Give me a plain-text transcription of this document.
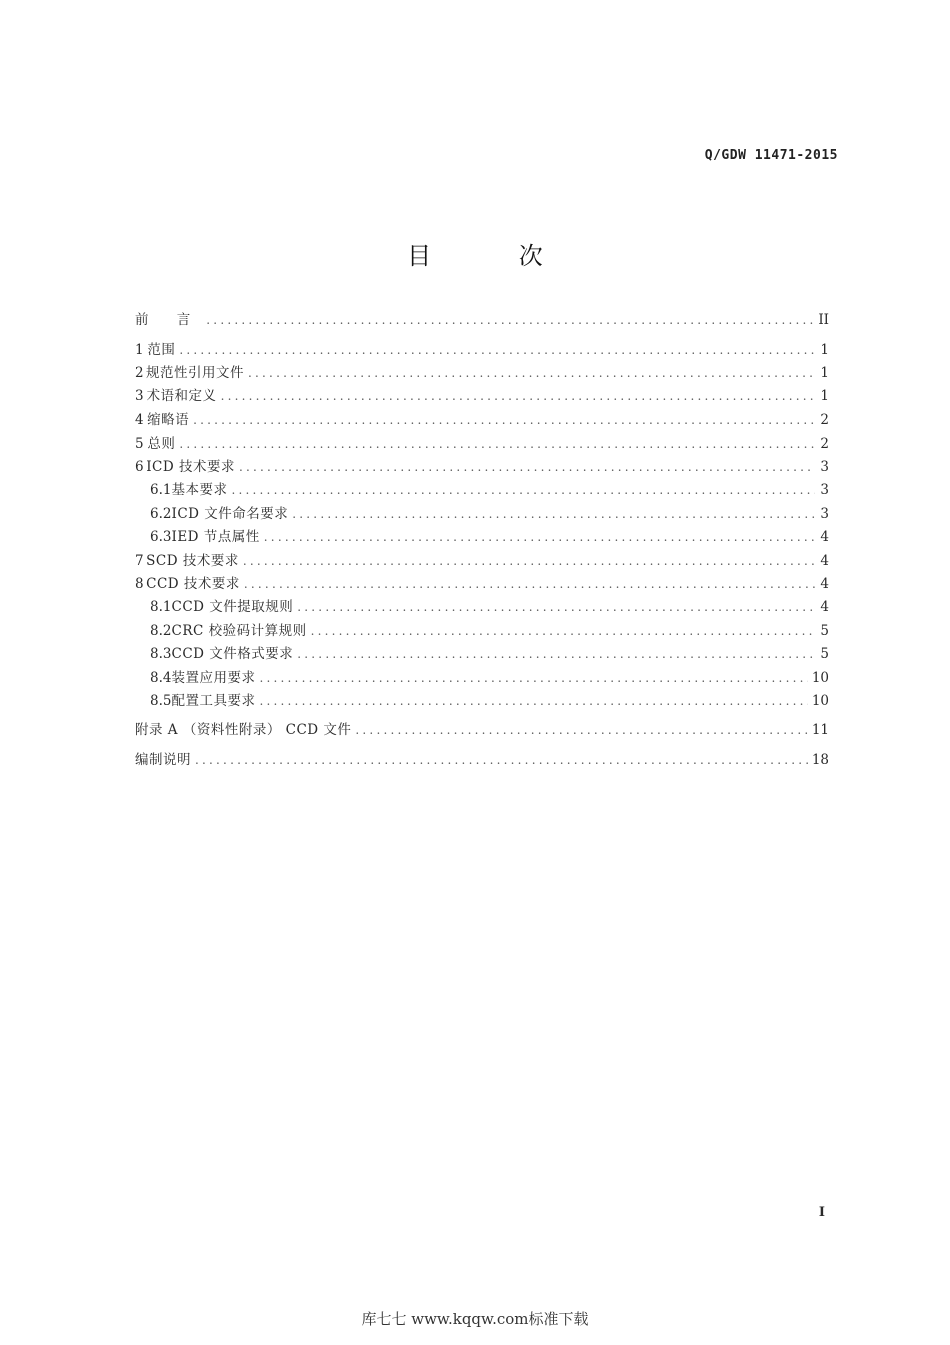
Q/GDW 11471-2015
目 次
前 言 .....	II
1 范围 .....	1
2 规范性引用文件 .....	1
3 术语和定义 .....	1
4 缩略语 .....	2
5 总则 .....	2
6 ICD 技术要求 .....	3
6.1 基本要求 .....	3
6.2 ICD 文件命名要求 .....	3
6.3 IED 节点属性 .....	4
7 SCD 技术要求 .....	4
8 CCD 技术要求 .....	4
8.1 CCD 文件提取规则 .....	4
8.2 CRC 校验码计算规则 .....	5
8.3 CCD 文件格式要求 .....	5
8.4 装置应用要求 .....	10
8.5 配置工具要求 .....	10
附录 A （资料性附录） CCD 文件 .....	11
编制说明 .....	18
I
库七七 www.kqqw.com标准下载
